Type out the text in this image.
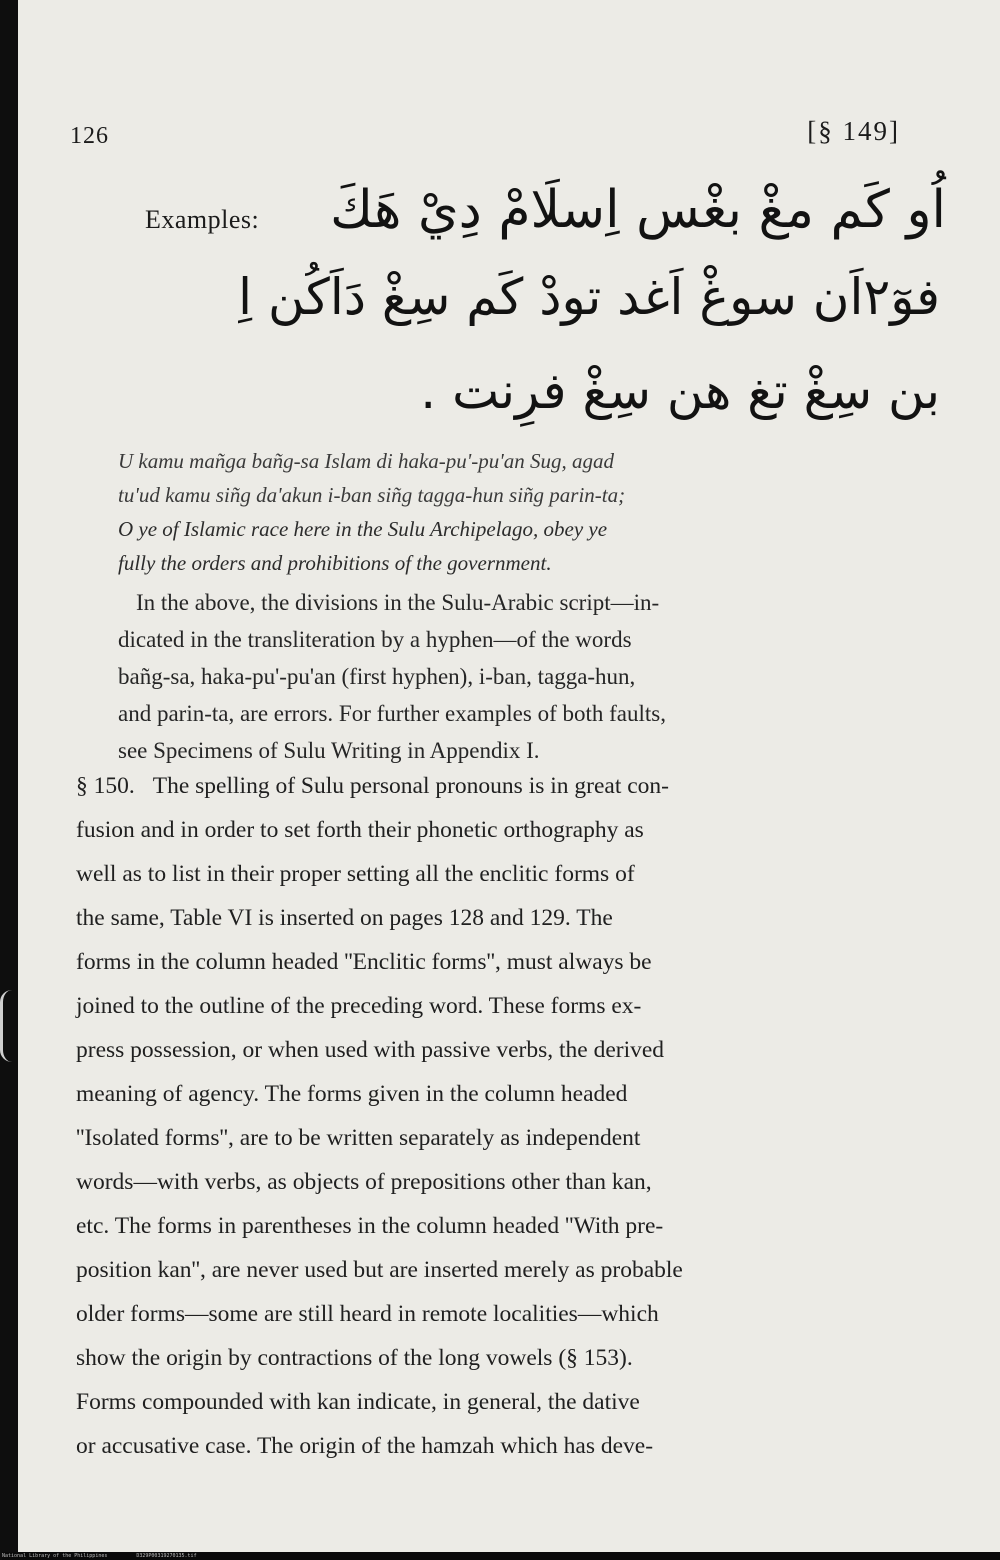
126	[§ 149]
Examples: اُو كَم مغْ بغْس اِسلَامْ دِيْ هَكَ
فوٓ٢اَن سوغْ اَغد تودْ كَم سِغْ دَاَكُن اِ
بن سِغْ تغ هن سِغْ فرِنت .

U kamu mañga bañg-sa Islam di haka-pu'-pu'an Sug, agad

tu'ud kamu siñg da'akun i-ban siñg tagga-hun siñg parin-ta;

O ye of Islamic race here in the Sulu Archipelago, obey ye

fully the orders and prohibitions of the government.

In the above, the divisions in the Sulu-Arabic script—in-

dicated in the transliteration by a hyphen—of the words

bañg-sa, haka-pu'-pu'an (first hyphen), i-ban, tagga-hun,

and parin-ta, are errors. For further examples of both faults,

see Specimens of Sulu Writing in Appendix I.

§ 150. The spelling of Sulu personal pronouns is in great con-

fusion and in order to set forth their phonetic orthography as

well as to list in their proper setting all the enclitic forms of

the same, Table VI is inserted on pages 128 and 129. The

forms in the column headed ''Enclitic forms'', must always be

joined to the outline of the preceding word. These forms ex-

press possession, or when used with passive verbs, the derived

meaning of agency. The forms given in the column headed

''Isolated forms'', are to be written separately as independent

words—with verbs, as objects of prepositions other than kan,

etc. The forms in parentheses in the column headed ''With pre-

position kan'', are never used but are inserted merely as probable

older forms—some are still heard in remote localities—which

show the origin by contractions of the long vowels (§ 153).

Forms compounded with kan indicate, in general, the dative

or accusative case. The origin of the hamzah which has deve-

National Library of the Philippines	D329P00319270135.tif
